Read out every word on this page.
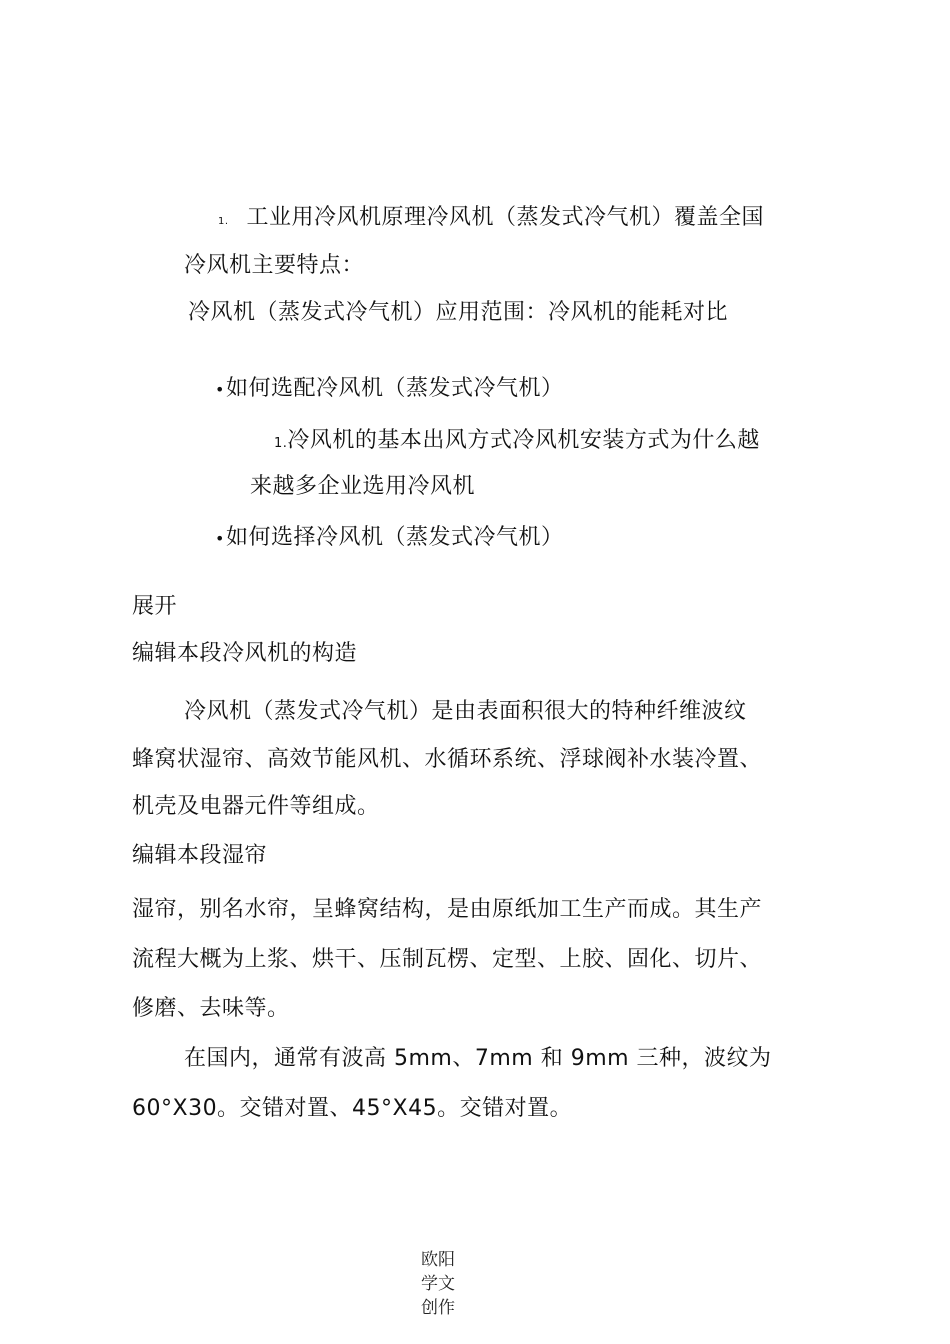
1. 工业用冷风机原理冷风机（蒸发式冷气机）覆盖全国
冷风机主要特点：
冷风机（蒸发式冷气机）应用范围：冷风机的能耗对比
•如何选配冷风机（蒸发式冷气机）
1.冷风机的基本出风方式冷风机安装方式为什么越
来越多企业选用冷风机
•如何选择冷风机（蒸发式冷气机）
展开
编辑本段冷风机的构造
冷风机（蒸发式冷气机）是由表面积很大的特种纤维波纹
蜂窝状湿帘、高效节能风机、水循环系统、浮球阀补水装冷置、
机壳及电器元件等组成。
编辑本段湿帘
湿帘，别名水帘，呈蜂窝结构，是由原纸加工生产而成。其生产
流程大概为上浆、烘干、压制瓦楞、定型、上胶、固化、切片、
修磨、去味等。
在国内，通常有波高 5mm、7mm 和 9mm 三种，波纹为
60°X30。交错对置、45°X45。交错对置。
欧阳学文创作
